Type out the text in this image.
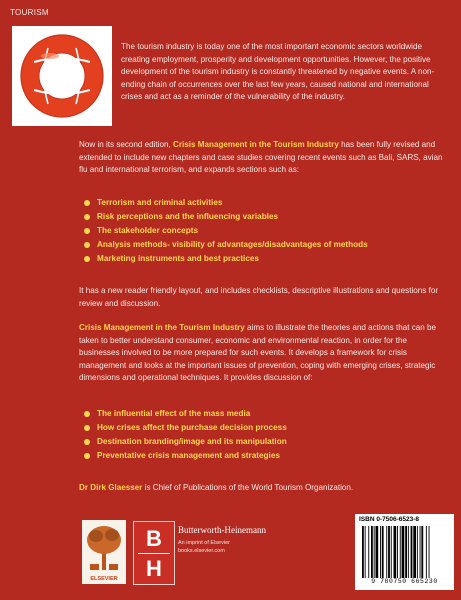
TOURISM

The tourism industry is today one of the most important economic sectors worldwide creating employment, prosperity and development opportunities. However, the positive development of the tourism industry is constantly threatened by negative events. A non-ending chain of occurrences over the last few years, caused national and international crises and act as a reminder of the vulnerability of the industry.

Now in its second edition, Crisis Management in the Tourism Industry has been fully revised and extended to include new chapters and case studies covering recent events such as Bali, SARS, avian flu and international terrorism, and expands sections such as:

Terrorism and criminal activities
Risk perceptions and the influencing variables
The stakeholder concepts
Analysis methods- visibility of advantages/disadvantages of methods
Marketing instruments and best practices

It has a new reader friendly layout, and includes checklists, descriptive illustrations and questions for review and discussion.

Crisis Management in the Tourism Industry aims to illustrate the theories and actions that can be taken to better understand consumer, economic and environmental reaction, in order for the businesses involved to be more prepared for such events. It develops a framework for crisis management and looks at the important issues of prevention, coping with emerging crises, strategic dimensions and operational techniques. It provides discussion of:

The influential effect of the mass media
How crises affect the purchase decision process
Destination branding/image and its manipulation
Preventative crisis management and strategies

Dr Dirk Glaesser is Chief of Publications of the World Tourism Organization.

ELSEVIER
B
H
Butterworth-Heinemann
An imprint of Elsevier
books.elsevier.com
ISBN 0-7506-6523-8
9 780750 665230
